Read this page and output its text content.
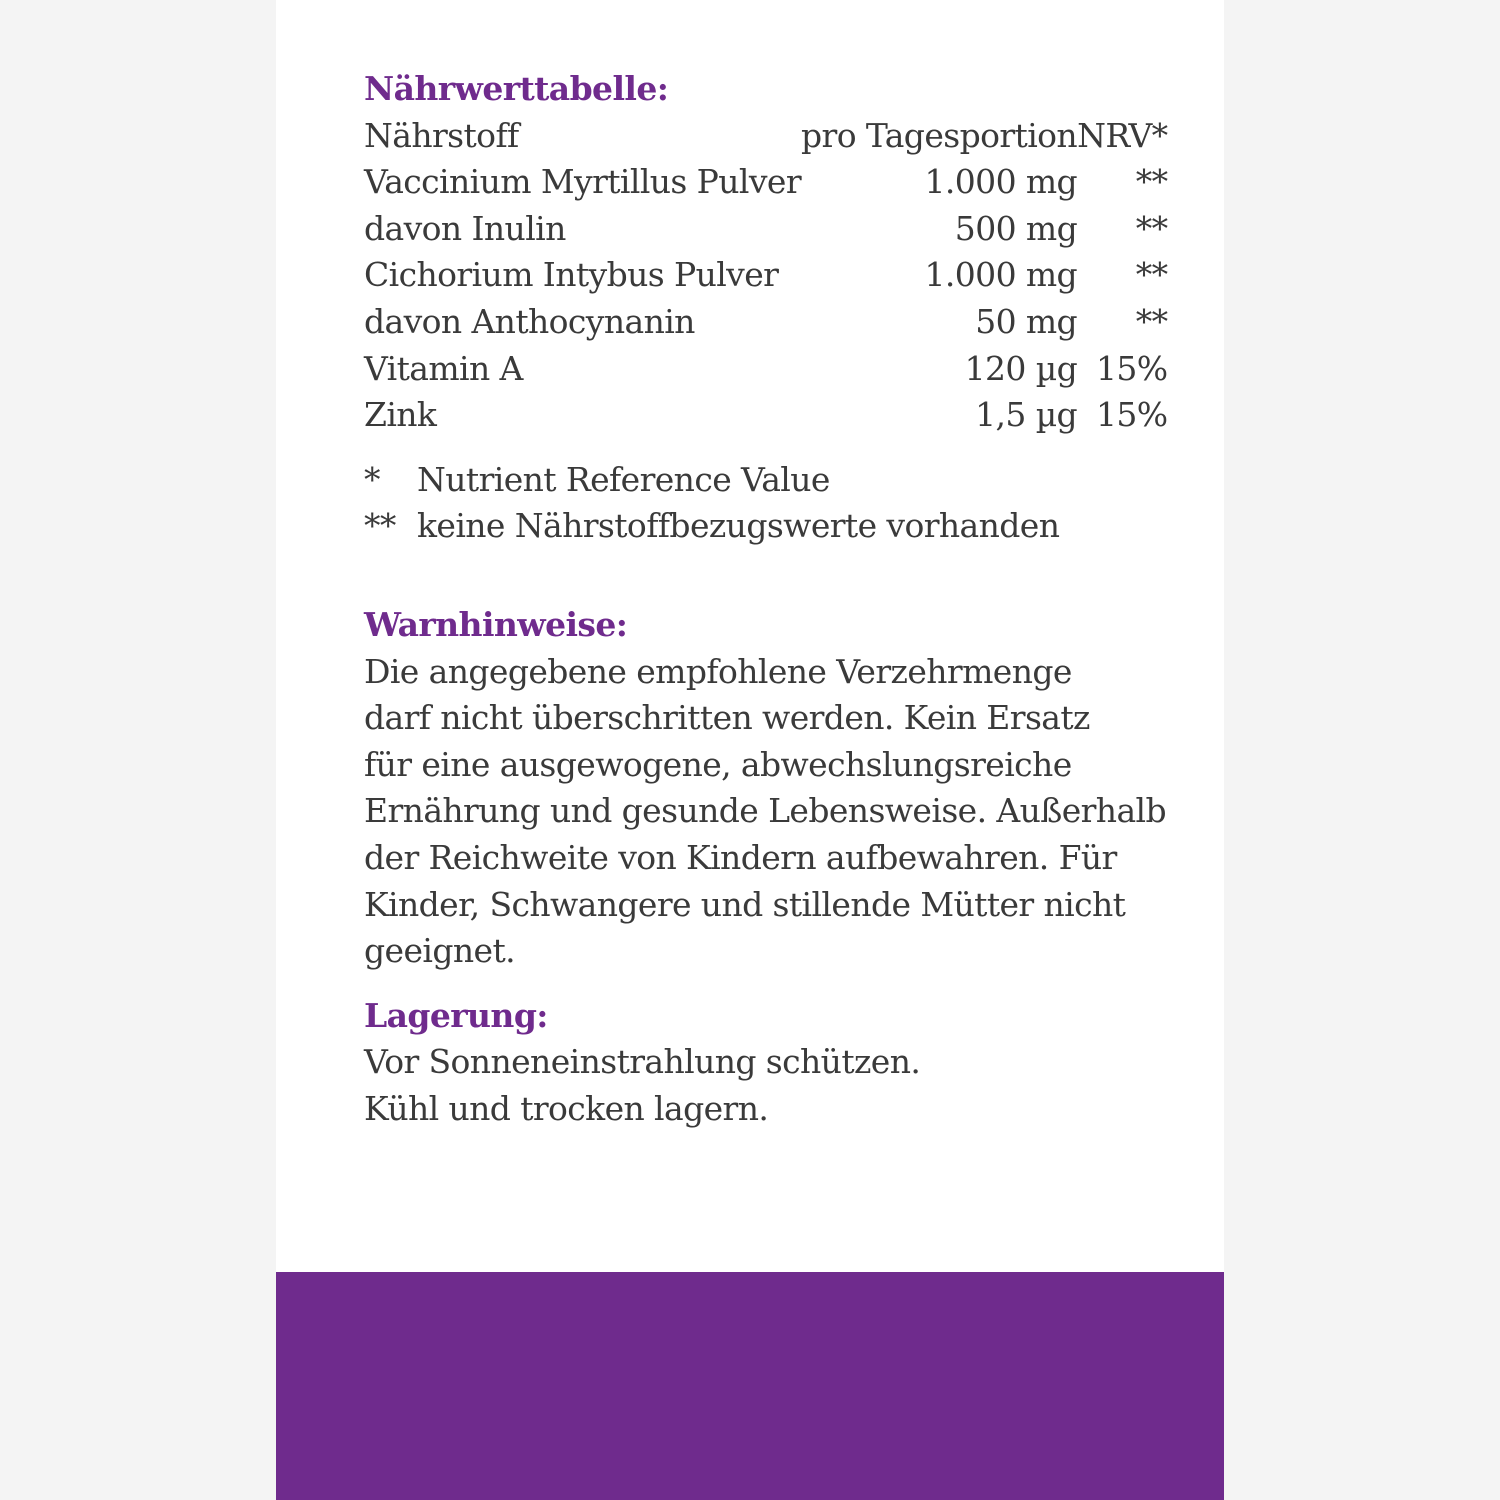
Nährwerttabelle:
Nährstoff	pro Tagesportion	NRV*
Vaccinium Myrtillus Pulver	1.000 mg	**
davon Inulin	500 mg	**
Cichorium Intybus Pulver	1.000 mg	**
davon Anthocynanin	50 mg	**
Vitamin A	120 µg	15%
Zink	1,5 µg	15%
*	Nutrient Reference Value
** keine Nährstoffbezugswerte vorhanden
Warnhinweise:

Die angegebene empfohlene Verzehrmenge
darf nicht überschritten werden. Kein Ersatz
für eine ausgewogene, abwechslungsreiche
Ernährung und gesunde Lebensweise. Außerhalb
der Reichweite von Kindern aufbewahren. Für
Kinder, Schwangere und stillende Mütter nicht
geeignet.

Lagerung:

Vor Sonneneinstrahlung schützen.
Kühl und trocken lagern.
